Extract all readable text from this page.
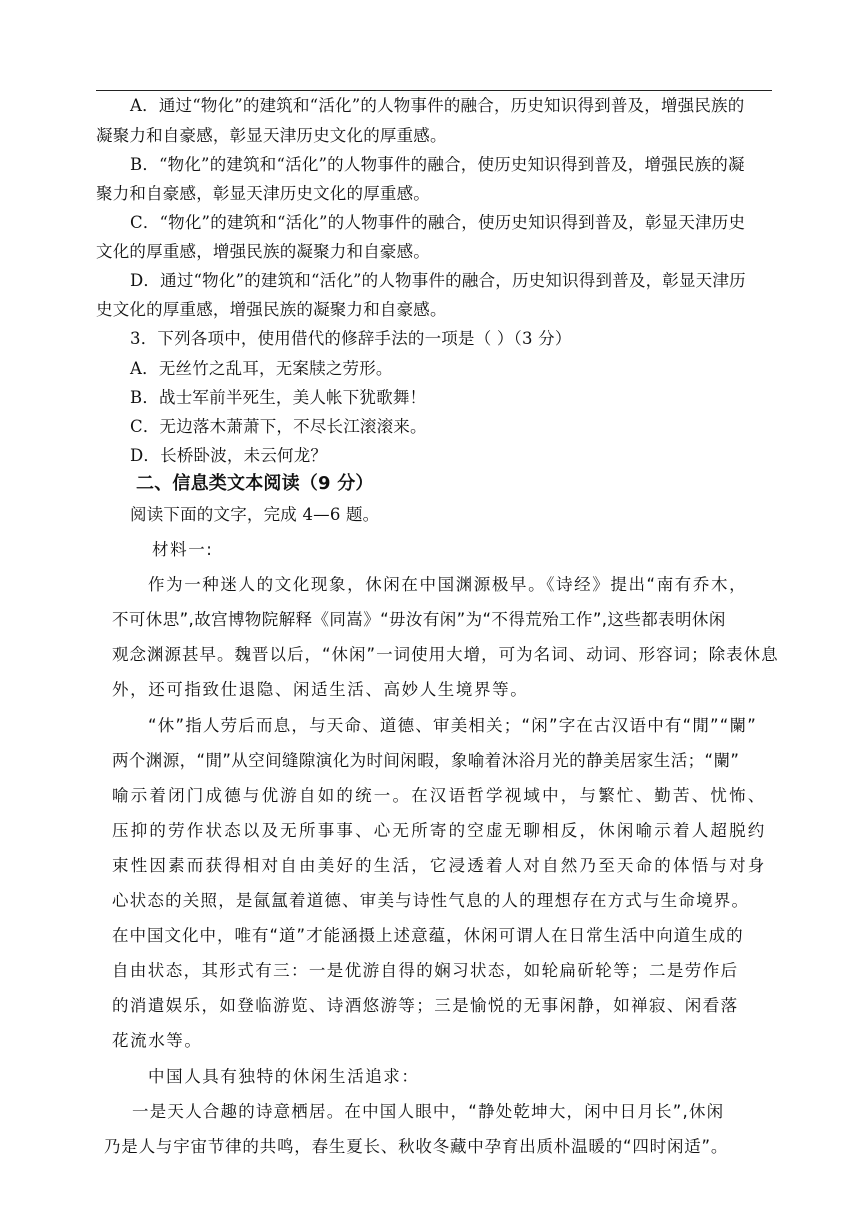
A．通过“物化”的建筑和“活化”的人物事件的融合，历史知识得到普及，增强民族的
凝聚力和自豪感，彰显天津历史文化的厚重感。
B．“物化”的建筑和“活化”的人物事件的融合，使历史知识得到普及，增强民族的凝
聚力和自豪感，彰显天津历史文化的厚重感。
C．“物化”的建筑和“活化”的人物事件的融合，使历史知识得到普及，彰显天津历史
文化的厚重感，增强民族的凝聚力和自豪感。
D．通过“物化”的建筑和“活化”的人物事件的融合，历史知识得到普及，彰显天津历
史文化的厚重感，增强民族的凝聚力和自豪感。
3．下列各项中，使用借代的修辞手法的一项是（ ）（3 分）
A．无丝竹之乱耳，无案牍之劳形。
B．战士军前半死生，美人帐下犹歌舞！
C．无边落木萧萧下，不尽长江滚滚来。
D．长桥卧波，未云何龙？
二、信息类文本阅读（9 分）
阅读下面的文字，完成 4—6 题。
材料一:
作为一种迷人的文化现象，休闲在中国渊源极早。《诗经》提出“南有乔木，
不可休思”,故宫博物院解释《同嵩》“毋汝有闲”为“不得荒殆工作”,这些都表明休闲
观念渊源甚早。魏晋以后，“休闲”一词使用大增，可为名词、动词、形容词；除表休息
外，还可指致仕退隐、闲适生活、高妙人生境界等。
“休”指人劳后而息，与天命、道德、审美相关；“闲”字在古汉语中有“閒”“闌”
两个渊源，“閒”从空间缝隙演化为时间闲暇，象喻着沐浴月光的静美居家生活；“闌”
喻示着闭门成德与优游自如的统一。在汉语哲学视域中，与繁忙、勤苦、忧怖、
压抑的劳作状态以及无所事事、心无所寄的空虚无聊相反，休闲喻示着人超脱约
束性因素而获得相对自由美好的生活，它浸透着人对自然乃至天命的体悟与对身
心状态的关照，是氤氲着道德、审美与诗性气息的人的理想存在方式与生命境界。
在中国文化中，唯有“道”才能涵摄上述意蕴，休闲可谓人在日常生活中向道生成的
自由状态，其形式有三：一是优游自得的娴习状态，如轮扁斫轮等；二是劳作后
的消遣娱乐，如登临游览、诗酒悠游等；三是愉悦的无事闲静，如禅寂、闲看落
花流水等。
中国人具有独特的休闲生活追求：
一是天人合趣的诗意栖居。在中国人眼中，“静处乾坤大，闲中日月长”,休闲
乃是人与宇宙节律的共鸣，春生夏长、秋收冬藏中孕育出质朴温暖的“四时闲适”。
